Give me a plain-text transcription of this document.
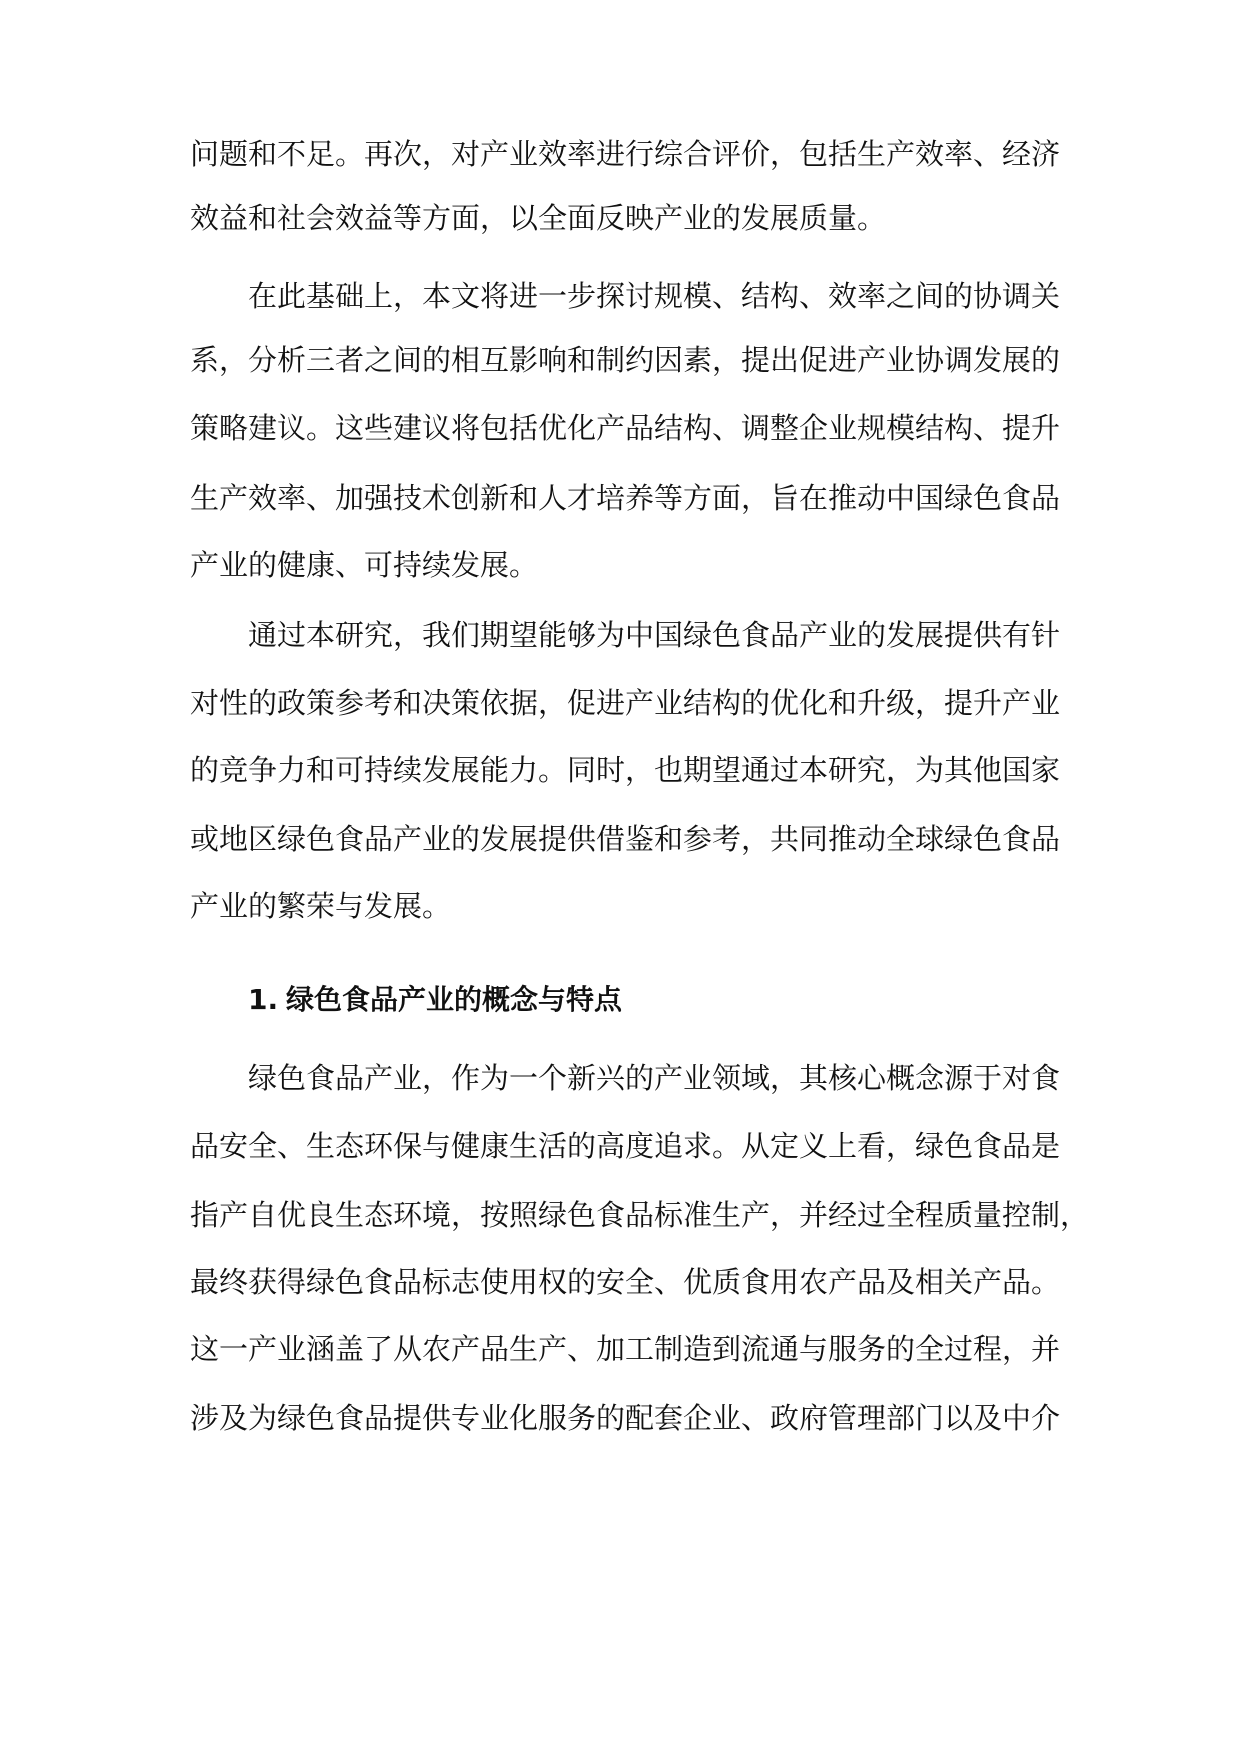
问题和不足。再次，对产业效率进行综合评价，包括生产效率、经济
效益和社会效益等方面，以全面反映产业的发展质量。
在此基础上，本文将进一步探讨规模、结构、效率之间的协调关
系，分析三者之间的相互影响和制约因素，提出促进产业协调发展的
策略建议。这些建议将包括优化产品结构、调整企业规模结构、提升
生产效率、加强技术创新和人才培养等方面，旨在推动中国绿色食品
产业的健康、可持续发展。
通过本研究，我们期望能够为中国绿色食品产业的发展提供有针
对性的政策参考和决策依据，促进产业结构的优化和升级，提升产业
的竞争力和可持续发展能力。同时，也期望通过本研究，为其他国家
或地区绿色食品产业的发展提供借鉴和参考，共同推动全球绿色食品
产业的繁荣与发展。
1. 绿色食品产业的概念与特点
绿色食品产业，作为一个新兴的产业领域，其核心概念源于对食
品安全、生态环保与健康生活的高度追求。从定义上看，绿色食品是
指产自优良生态环境，按照绿色食品标准生产，并经过全程质量控制，
最终获得绿色食品标志使用权的安全、优质食用农产品及相关产品。
这一产业涵盖了从农产品生产、加工制造到流通与服务的全过程，并
涉及为绿色食品提供专业化服务的配套企业、政府管理部门以及中介
